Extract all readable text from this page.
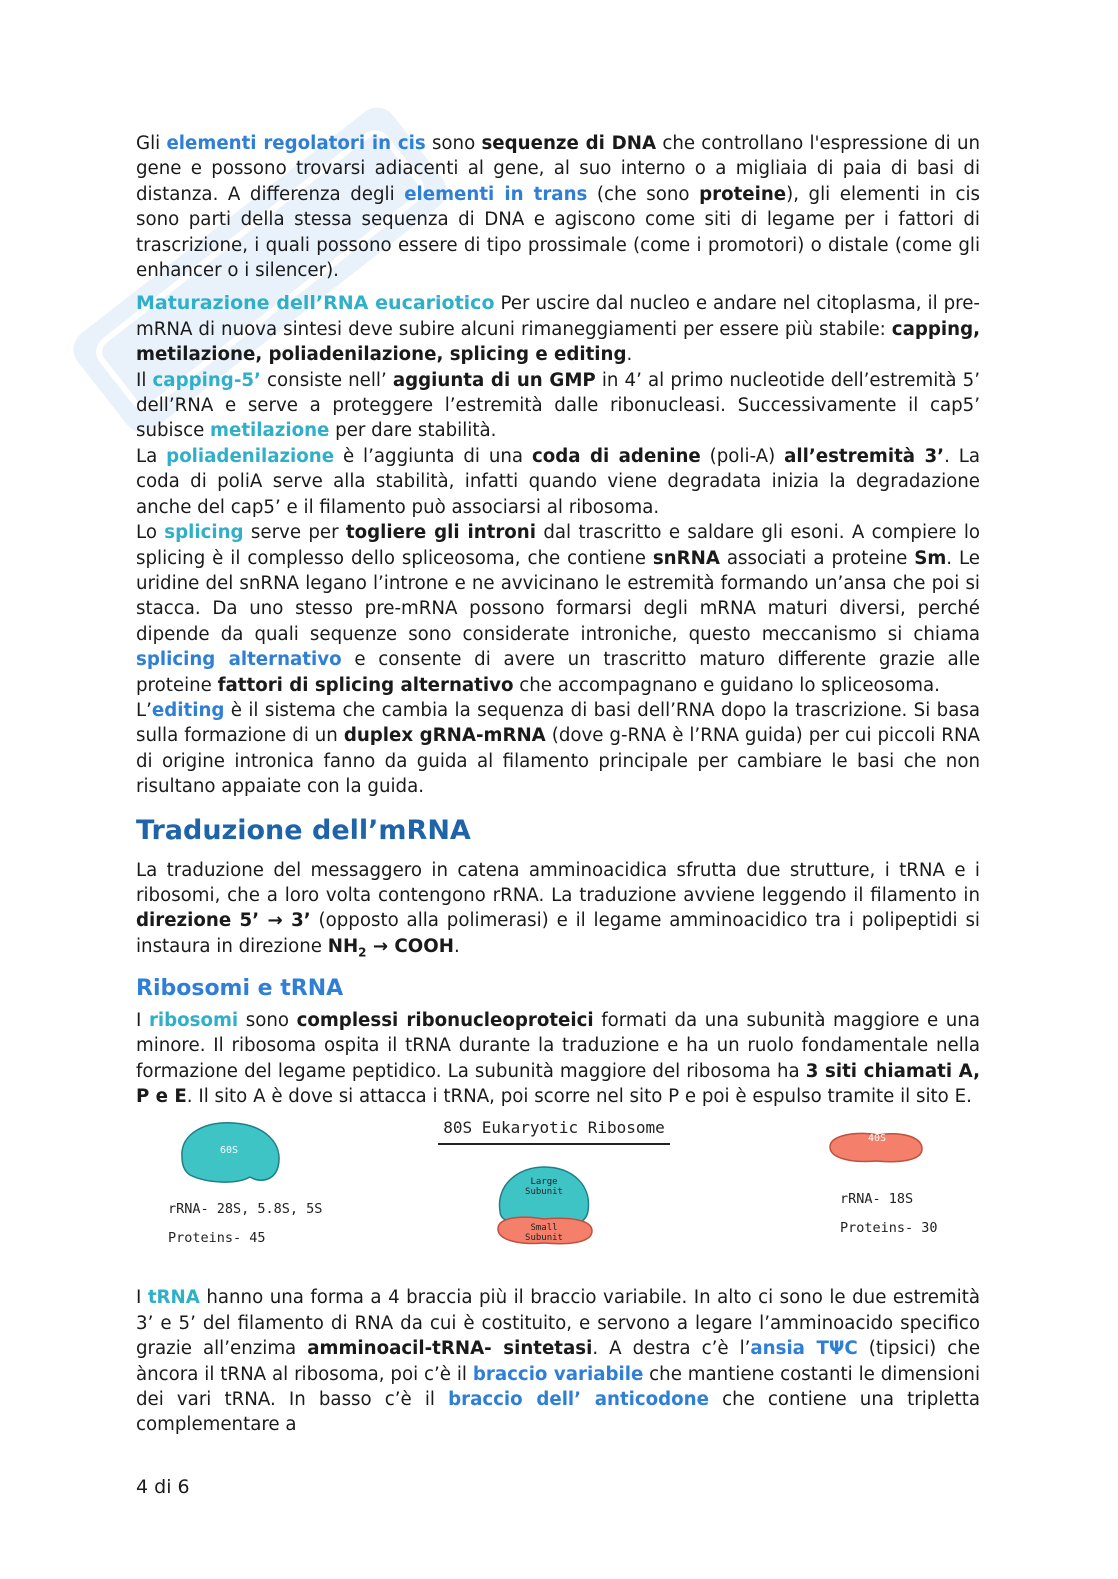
Gli elementi regolatori in cis sono sequenze di DNA che controllano l'espressione di un gene e possono trovarsi adiacenti al gene, al suo interno o a migliaia di paia di basi di distanza. A differenza degli elementi in trans (che sono proteine), gli elementi in cis sono parti della stessa sequenza di DNA e agiscono come siti di legame per i fattori di trascrizione, i quali possono essere di tipo prossimale (come i promotori) o distale (come gli enhancer o i silencer).

Maturazione dell’RNA eucariotico Per uscire dal nucleo e andare nel citoplasma, il pre-mRNA di nuova sintesi deve subire alcuni rimaneggiamenti per essere più stabile: capping, metilazione, poliadenilazione, splicing e editing.

Il capping-5’ consiste nell’ aggiunta di un GMP in 4’ al primo nucleotide dell’estremità 5’ dell’RNA e serve a proteggere l’estremità dalle ribonucleasi. Successivamente il cap5’ subisce metilazione per dare stabilità.

La poliadenilazione è l’aggiunta di una coda di adenine (poli-A) all’estremità 3’. La coda di poliA serve alla stabilità, infatti quando viene degradata inizia la degradazione anche del cap5’ e il filamento può associarsi al ribosoma.

Lo splicing serve per togliere gli introni dal trascritto e saldare gli esoni. A compiere lo splicing è il complesso dello spliceosoma, che contiene snRNA associati a proteine Sm. Le uridine del snRNA legano l’introne e ne avvicinano le estremità formando un’ansa che poi si stacca. Da uno stesso pre-mRNA possono formarsi degli mRNA maturi diversi, perché dipende da quali sequenze sono considerate introniche, questo meccanismo si chiama splicing alternativo e consente di avere un trascritto maturo differente grazie alle proteine fattori di splicing alternativo che accompagnano e guidano lo spliceosoma.

L’editing è il sistema che cambia la sequenza di basi dell’RNA dopo la trascrizione. Si basa sulla formazione di un duplex gRNA-mRNA (dove g-RNA è l’RNA guida) per cui piccoli RNA di origine intronica fanno da guida al filamento principale per cambiare le basi che non risultano appaiate con la guida.

Traduzione dell’mRNA

La traduzione del messaggero in catena amminoacidica sfrutta due strutture, i tRNA e i ribosomi, che a loro volta contengono rRNA. La traduzione avviene leggendo il filamento in direzione 5’ → 3’ (opposto alla polimerasi) e il legame amminoacidico tra i polipeptidi si instaura in direzione $NH_2$ → COOH.

Ribosomi e tRNA

I ribosomi sono complessi ribonucleoproteici formati da una subunità maggiore e una minore. Il ribosoma ospita il tRNA durante la traduzione e ha un ruolo fondamentale nella formazione del legame peptidico. La subunità maggiore del ribosoma ha 3 siti chiamati A, P e E. Il sito A è dove si attacca i tRNA, poi scorre nel sito P e poi è espulso tramite il sito E.

60S
rRNA- 28S, 5.8S, 5S
Proteins- 45
80S Eukaryotic Ribosome
Large Subunit
Small Subunit
40S
rRNA- 18S
Proteins- 30

I tRNA hanno una forma a 4 braccia più il braccio variabile. In alto ci sono le due estremità 3’ e 5’ del filamento di RNA da cui è costituito, e servono a legare l’amminoacido specifico grazie all’enzima amminoacil-tRNA- sintetasi. A destra c’è l’ansia TΨC (tipsici) che àncora il tRNA al ribosoma, poi c’è il braccio variabile che mantiene costanti le dimensioni dei vari tRNA. In basso c’è il braccio dell’ anticodone che contiene una tripletta complementare a

4 di 6
